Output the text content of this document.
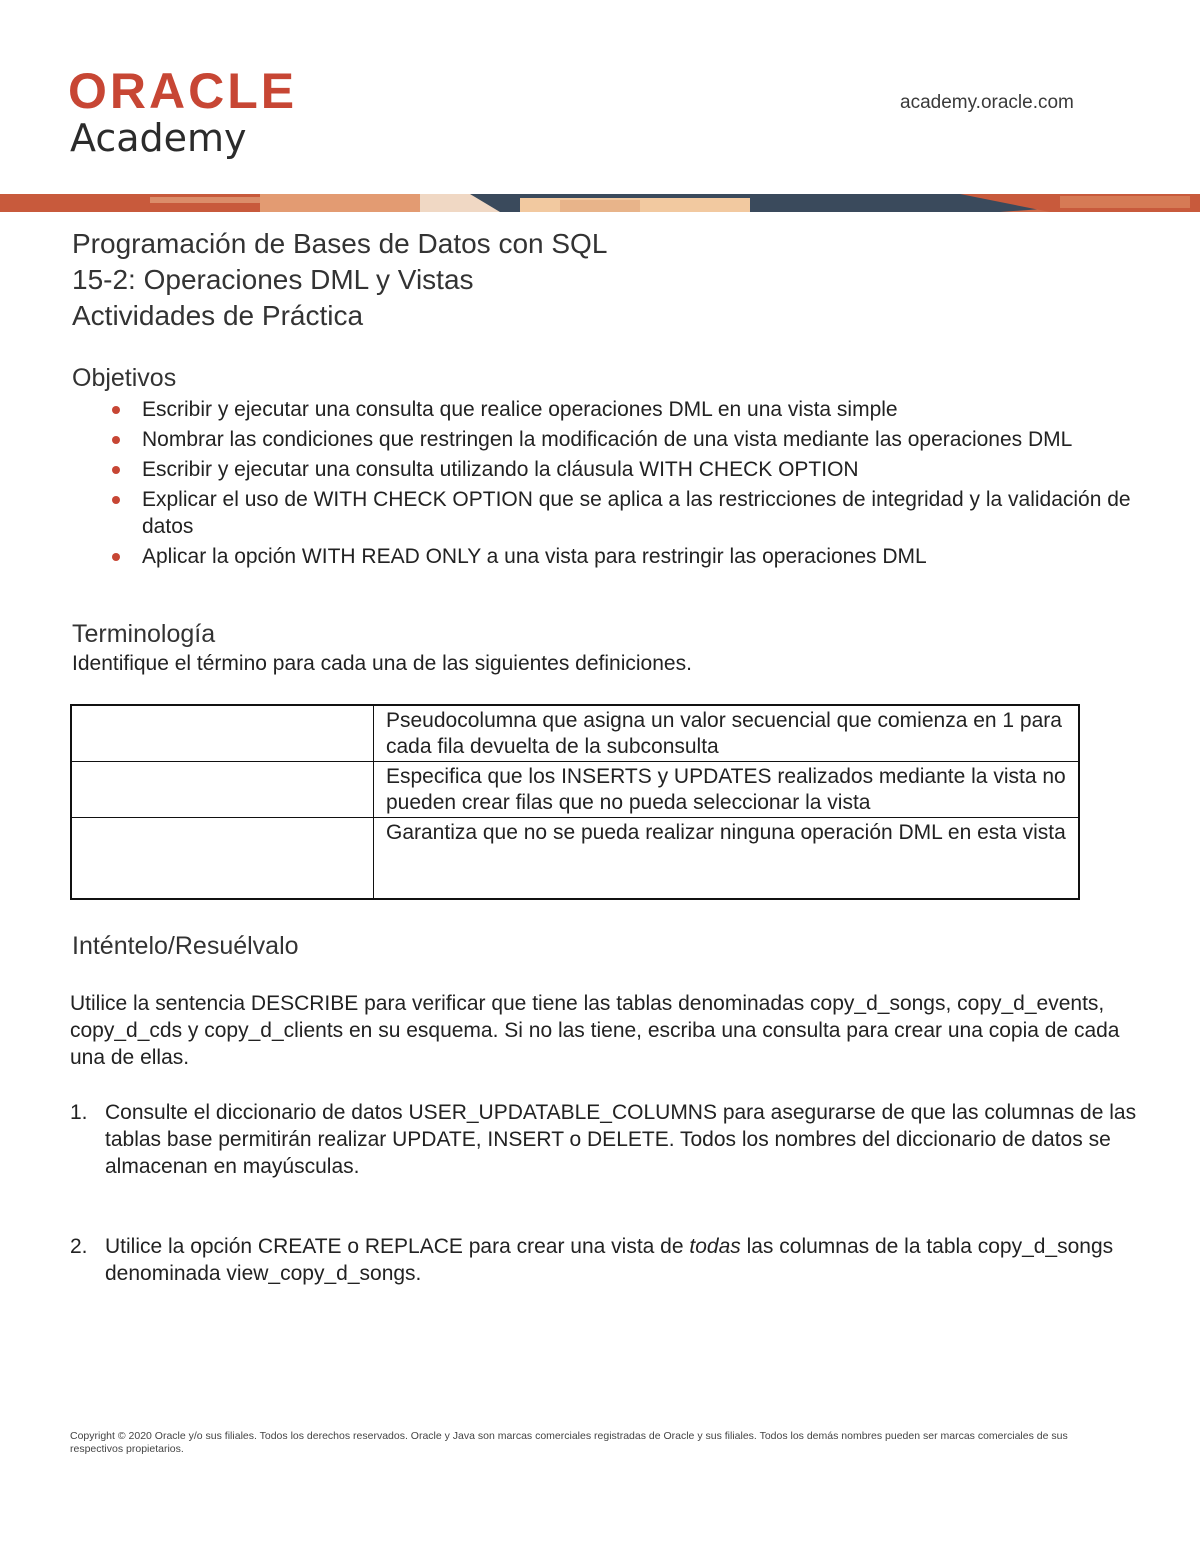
ORACLE
Academy
academy.oracle.com
Programación de Bases de Datos con SQL
15-2: Operaciones DML y Vistas
Actividades de Práctica
Objetivos
Escribir y ejecutar una consulta que realice operaciones DML en una vista simple
Nombrar las condiciones que restringen la modificación de una vista mediante las operaciones DML
Escribir y ejecutar una consulta utilizando la cláusula WITH CHECK OPTION
Explicar el uso de WITH CHECK OPTION que se aplica a las restricciones de integridad y la validación de datos
Aplicar la opción WITH READ ONLY a una vista para restringir las operaciones DML
Terminología
Identifique el término para cada una de las siguientes definiciones.
	Pseudocolumna que asigna un valor secuencial que comienza en 1 para cada fila devuelta de la subconsulta
	Especifica que los INSERTS y UPDATES realizados mediante la vista no pueden crear filas que no pueda seleccionar la vista
	Garantiza que no se pueda realizar ninguna operación DML en esta vista
Inténtelo/Resuélvalo
Utilice la sentencia DESCRIBE para verificar que tiene las tablas denominadas copy_d_songs, copy_d_events, copy_d_cds y copy_d_clients en su esquema. Si no las tiene, escriba una consulta para crear una copia de cada una de ellas.
1. Consulte el diccionario de datos USER_UPDATABLE_COLUMNS para asegurarse de que las columnas de las tablas base permitirán realizar UPDATE, INSERT o DELETE. Todos los nombres del diccionario de datos se almacenan en mayúsculas.
2. Utilice la opción CREATE o REPLACE para crear una vista de todas las columnas de la tabla copy_d_songs denominada view_copy_d_songs.
Copyright © 2020 Oracle y/o sus filiales. Todos los derechos reservados. Oracle y Java son marcas comerciales registradas de Oracle y sus filiales. Todos los demás nombres pueden ser marcas comerciales de sus respectivos propietarios.
